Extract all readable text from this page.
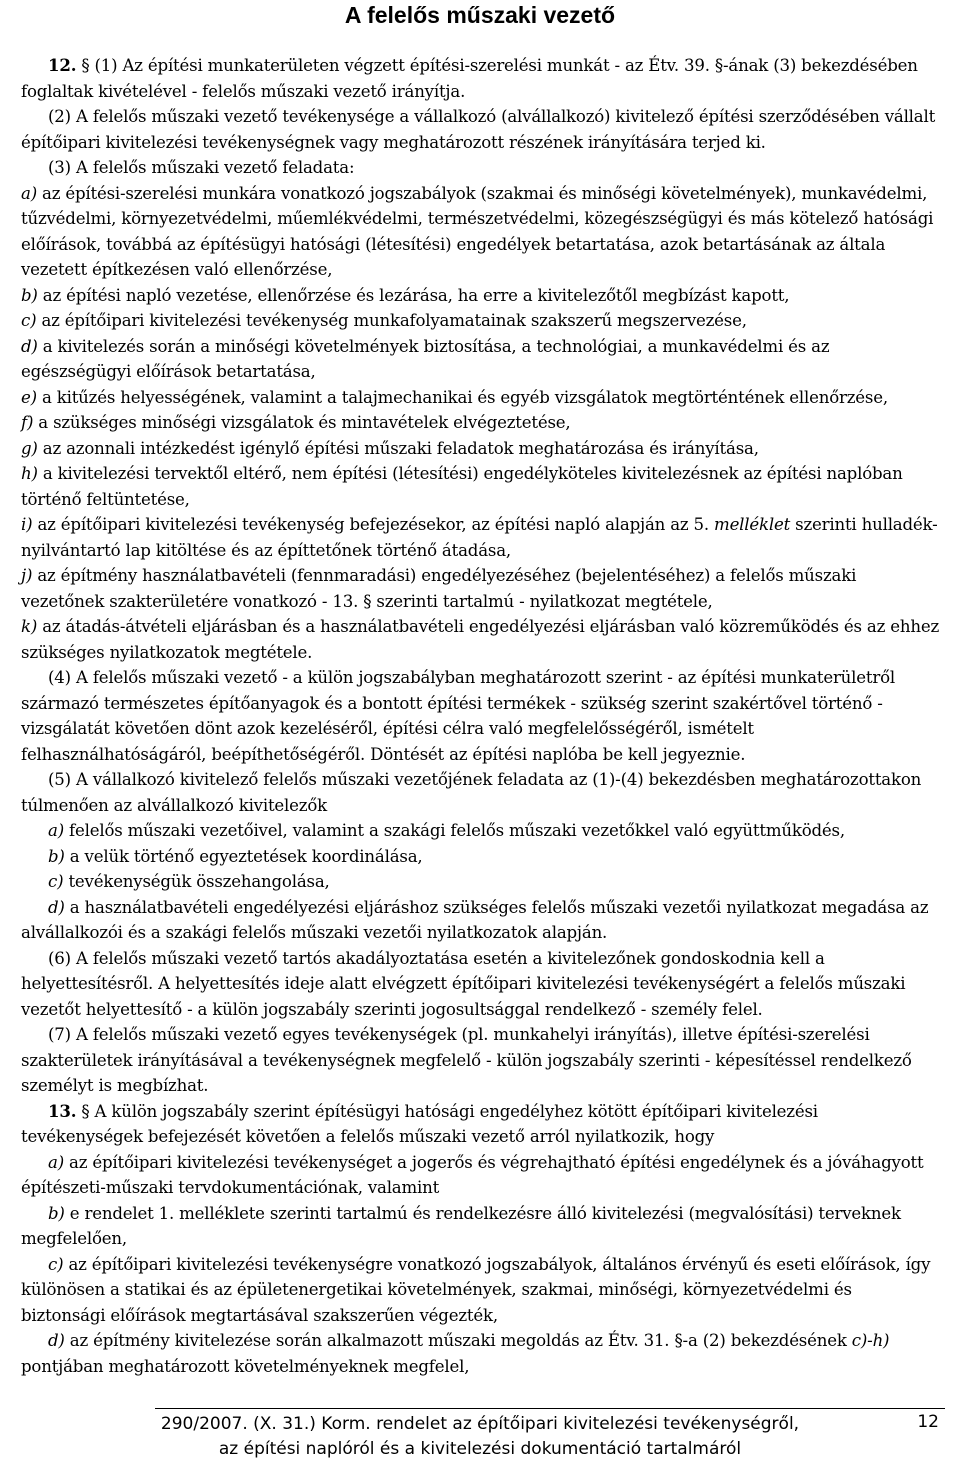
A felelős műszaki vezető

12. § (1) Az építési munkaterületen végzett építési-szerelési munkát - az Étv. 39. §-ának (3) bekezdésében foglaltak kivételével - felelős műszaki vezető irányítja.

(2) A felelős műszaki vezető tevékenysége a vállalkozó (alvállalkozó) kivitelező építési szerződésében vállalt építőipari kivitelezési tevékenységnek vagy meghatározott részének irányítására terjed ki.

(3) A felelős műszaki vezető feladata:

a) az építési-szerelési munkára vonatkozó jogszabályok (szakmai és minőségi követelmények), munkavédelmi, tűzvédelmi, környezetvédelmi, műemlékvédelmi, természetvédelmi, közegészségügyi és más kötelező hatósági előírások, továbbá az építésügyi hatósági (létesítési) engedélyek betartatása, azok betartásának az általa vezetett építkezésen való ellenőrzése,

b) az építési napló vezetése, ellenőrzése és lezárása, ha erre a kivitelezőtől megbízást kapott,

c) az építőipari kivitelezési tevékenység munkafolyamatainak szakszerű megszervezése,

d) a kivitelezés során a minőségi követelmények biztosítása, a technológiai, a munkavédelmi és az egészségügyi előírások betartatása,

e) a kitűzés helyességének, valamint a talajmechanikai és egyéb vizsgálatok megtörténtének ellenőrzése,

f) a szükséges minőségi vizsgálatok és mintavételek elvégeztetése,

g) az azonnali intézkedést igénylő építési műszaki feladatok meghatározása és irányítása,

h) a kivitelezési tervektől eltérő, nem építési (létesítési) engedélyköteles kivitelezésnek az építési naplóban történő feltüntetése,

i) az építőipari kivitelezési tevékenység befejezésekor, az építési napló alapján az 5. melléklet szerinti hulladék-nyilvántartó lap kitöltése és az építtetőnek történő átadása,

j) az építmény használatbavételi (fennmaradási) engedélyezéséhez (bejelentéséhez) a felelős műszaki vezetőnek szakterületére vonatkozó - 13. § szerinti tartalmú - nyilatkozat megtétele,

k) az átadás-átvételi eljárásban és a használatbavételi engedélyezési eljárásban való közreműködés és az ehhez szükséges nyilatkozatok megtétele.

(4) A felelős műszaki vezető - a külön jogszabályban meghatározott szerint - az építési munkaterületről származó természetes építőanyagok és a bontott építési termékek - szükség szerint szakértővel történő - vizsgálatát követően dönt azok kezeléséről, építési célra való megfelelősségéről, ismételt felhasználhatóságáról, beépíthetőségéről. Döntését az építési naplóba be kell jegyeznie.

(5) A vállalkozó kivitelező felelős műszaki vezetőjének feladata az (1)-(4) bekezdésben meghatározottakon túlmenően az alvállalkozó kivitelezők

a) felelős műszaki vezetőivel, valamint a szakági felelős műszaki vezetőkkel való együttműködés,

b) a velük történő egyeztetések koordinálása,

c) tevékenységük összehangolása,

d) a használatbavételi engedélyezési eljáráshoz szükséges felelős műszaki vezetői nyilatkozat megadása az alvállalkozói és a szakági felelős műszaki vezetői nyilatkozatok alapján.

(6) A felelős műszaki vezető tartós akadályoztatása esetén a kivitelezőnek gondoskodnia kell a helyettesítésről. A helyettesítés ideje alatt elvégzett építőipari kivitelezési tevékenységért a felelős műszaki vezetőt helyettesítő - a külön jogszabály szerinti jogosultsággal rendelkező - személy felel.

(7) A felelős műszaki vezető egyes tevékenységek (pl. munkahelyi irányítás), illetve építési-szerelési szakterületek irányításával a tevékenységnek megfelelő - külön jogszabály szerinti - képesítéssel rendelkező személyt is megbízhat.

13. § A külön jogszabály szerint építésügyi hatósági engedélyhez kötött építőipari kivitelezési tevékenységek befejezését követően a felelős műszaki vezető arról nyilatkozik, hogy

a) az építőipari kivitelezési tevékenységet a jogerős és végrehajtható építési engedélynek és a jóváhagyott építészeti-műszaki tervdokumentációnak, valamint

b) e rendelet 1. melléklete szerinti tartalmú és rendelkezésre álló kivitelezési (megvalósítási) terveknek megfelelően,

c) az építőipari kivitelezési tevékenységre vonatkozó jogszabályok, általános érvényű és eseti előírások, így különösen a statikai és az épületenergetikai követelmények, szakmai, minőségi, környezetvédelmi és biztonsági előírások megtartásával szakszerűen végezték,

d) az építmény kivitelezése során alkalmazott műszaki megoldás az Étv. 31. §-a (2) bekezdésének c)-h) pontjában meghatározott követelményeknek megfelel,

290/2007. (X. 31.) Korm. rendelet az építőipari kivitelezési tevékenységről,
az építési naplóról és a kivitelezési dokumentáció tartalmáról
12
